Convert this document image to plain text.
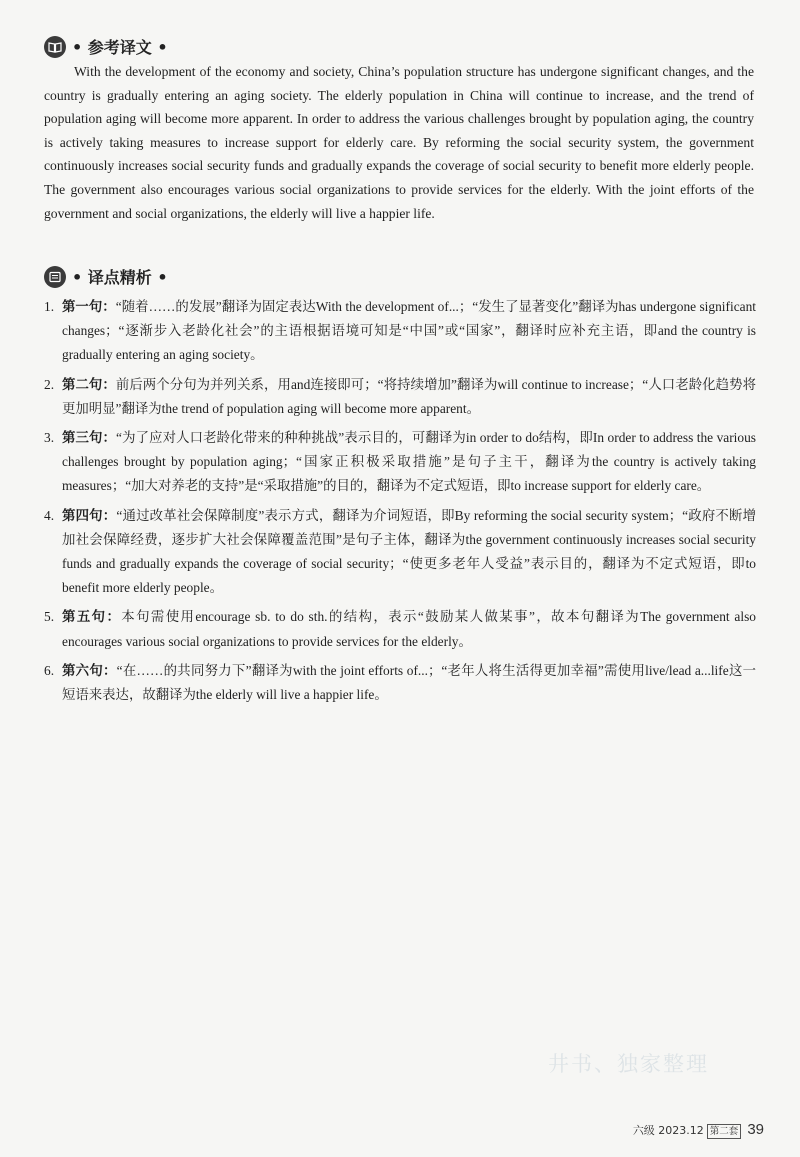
• 参考译文 •

With the development of the economy and society, China’s population structure has undergone significant changes, and the country is gradually entering an aging society. The elderly population in China will continue to increase, and the trend of population aging will become more apparent. In order to address the various challenges brought by population aging, the country is actively taking measures to increase support for elderly care. By reforming the social security system, the government continuously increases social security funds and gradually expands the coverage of social security to benefit more elderly people. The government also encourages various social organizations to provide services for the elderly. With the joint efforts of the government and social organizations, the elderly will live a happier life.

• 译点精析 •
1. 第一句：“随着……的发展”翻译为固定表达With the development of...；“发生了显著变化”翻译为has undergone significant changes；“逐渐步入老龄化社会”的主语根据语境可知是“中国”或“国家”，翻译时应补充主语，即and the country is gradually entering an aging society。
2. 第二句：前后两个分句为并列关系，用and连接即可；“将持续增加”翻译为will continue to increase；“人口老龄化趋势将更加明显”翻译为the trend of population aging will become more apparent。
3. 第三句：“为了应对人口老龄化带来的种种挑战”表示目的，可翻译为in order to do结构，即In order to address the various challenges brought by population aging；“国家正积极采取措施”是句子主干，翻译为the country is actively taking measures；“加大对养老的支持”是“采取措施”的目的，翻译为不定式短语，即to increase support for elderly care。
4. 第四句：“通过改革社会保障制度”表示方式，翻译为介词短语，即By reforming the social security system；“政府不断增加社会保障经费，逐步扩大社会保障覆盖范围”是句子主体，翻译为the government continuously increases social security funds and gradually expands the coverage of social security；“使更多老年人受益”表示目的，翻译为不定式短语，即to benefit more elderly people。
5. 第五句：本句需使用encourage sb. to do sth.的结构，表示“鼓励某人做某事”，故本句翻译为The government also encourages various social organizations to provide services for the elderly。
6. 第六句：“在……的共同努力下”翻译为with the joint efforts of...；“老年人将生活得更加幸福”需使用live/lead a...life这一短语来表达，故翻译为the elderly will live a happier life。
井书、独家整理
六级 2023.12 第二套 39
